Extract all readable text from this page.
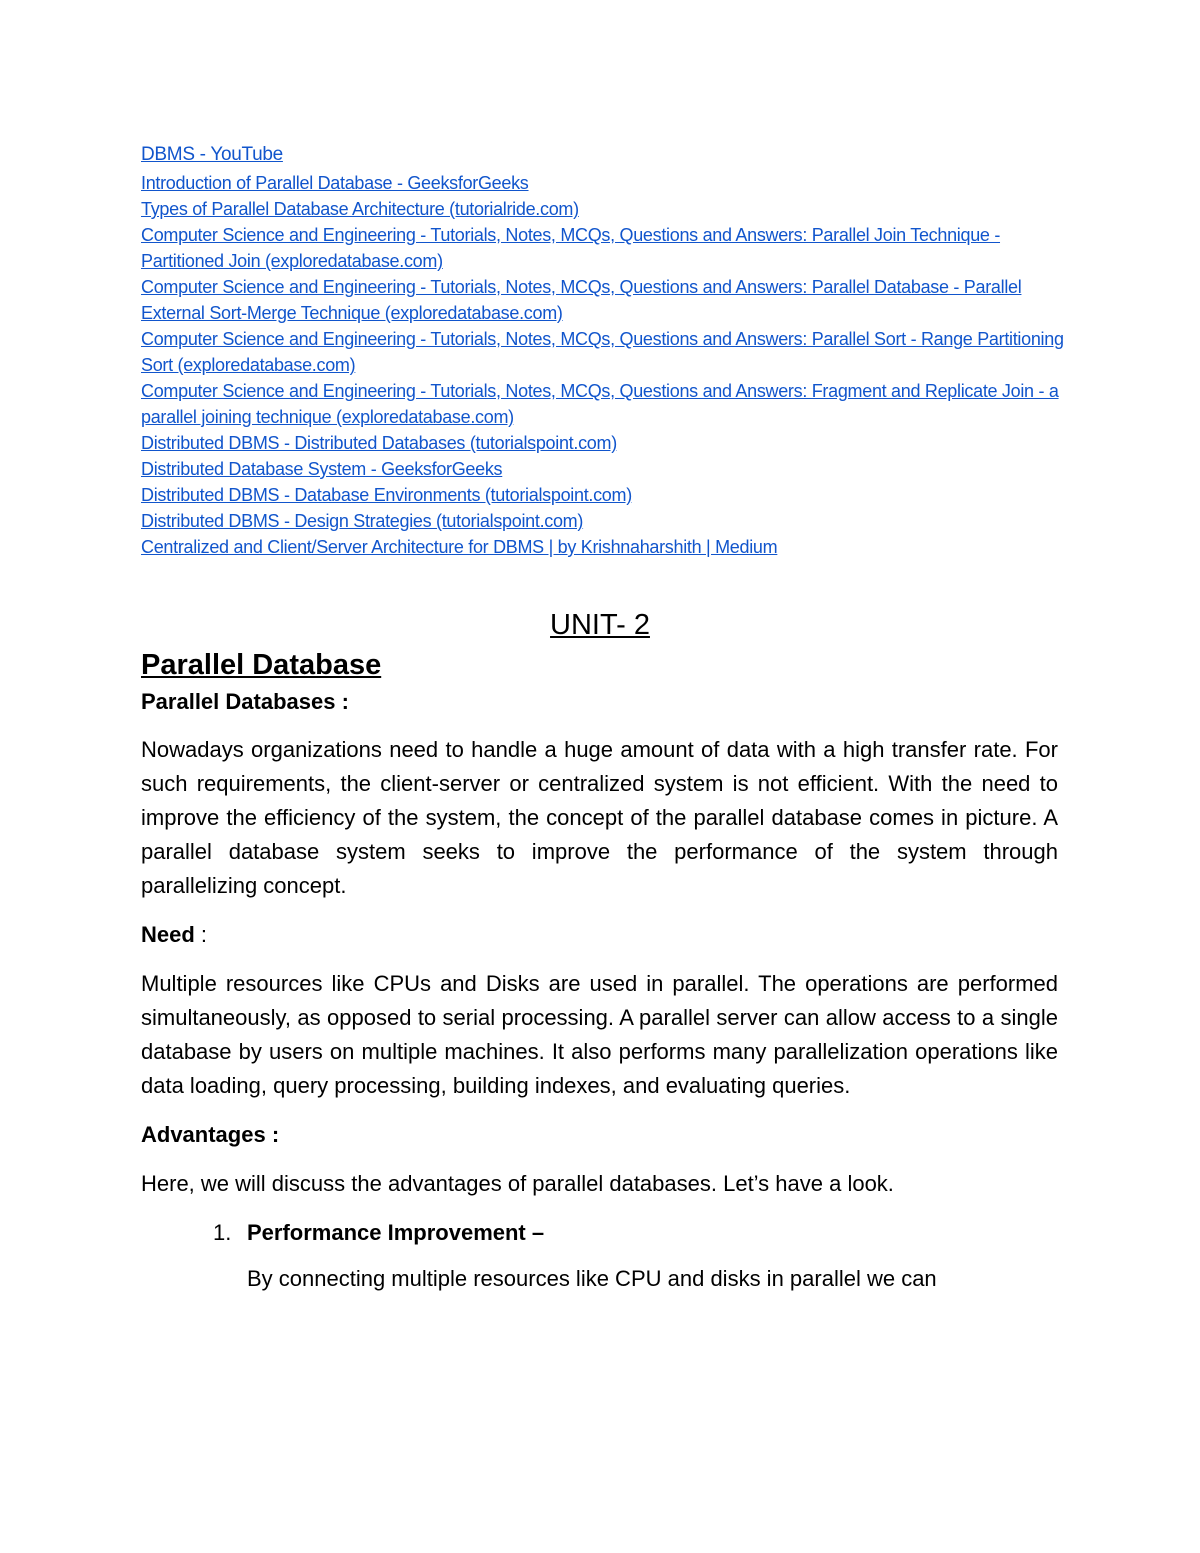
DBMS - YouTube
Introduction of Parallel Database - GeeksforGeeks
Types of Parallel Database Architecture (tutorialride.com)
Computer Science and Engineering - Tutorials, Notes, MCQs, Questions and Answers: Parallel Join Technique - Partitioned Join (exploredatabase.com)
Computer Science and Engineering - Tutorials, Notes, MCQs, Questions and Answers: Parallel Database - Parallel External Sort-Merge Technique (exploredatabase.com)
Computer Science and Engineering - Tutorials, Notes, MCQs, Questions and Answers: Parallel Sort - Range Partitioning Sort (exploredatabase.com)
Computer Science and Engineering - Tutorials, Notes, MCQs, Questions and Answers: Fragment and Replicate Join - a parallel joining technique (exploredatabase.com)
Distributed DBMS - Distributed Databases (tutorialspoint.com)
Distributed Database System - GeeksforGeeks
Distributed DBMS - Database Environments (tutorialspoint.com)
Distributed DBMS - Design Strategies (tutorialspoint.com)
Centralized and Client/Server Architecture for DBMS | by Krishnaharshith | Medium
UNIT- 2
Parallel Database
Parallel Databases :

Nowadays organizations need to handle a huge amount of data with a high transfer rate. For such requirements, the client-server or centralized system is not efficient. With the need to improve the efficiency of the system, the concept of the parallel database comes in picture. A parallel database system seeks to improve the performance of the system through parallelizing concept.

Need :

Multiple resources like CPUs and Disks are used in parallel. The operations are performed simultaneously, as opposed to serial processing. A parallel server can allow access to a single database by users on multiple machines. It also performs many parallelization operations like data loading, query processing, building indexes, and evaluating queries.

Advantages :

Here, we will discuss the advantages of parallel databases. Let’s have a look.

1. Performance Improvement –
By connecting multiple resources like CPU and disks in parallel we can
